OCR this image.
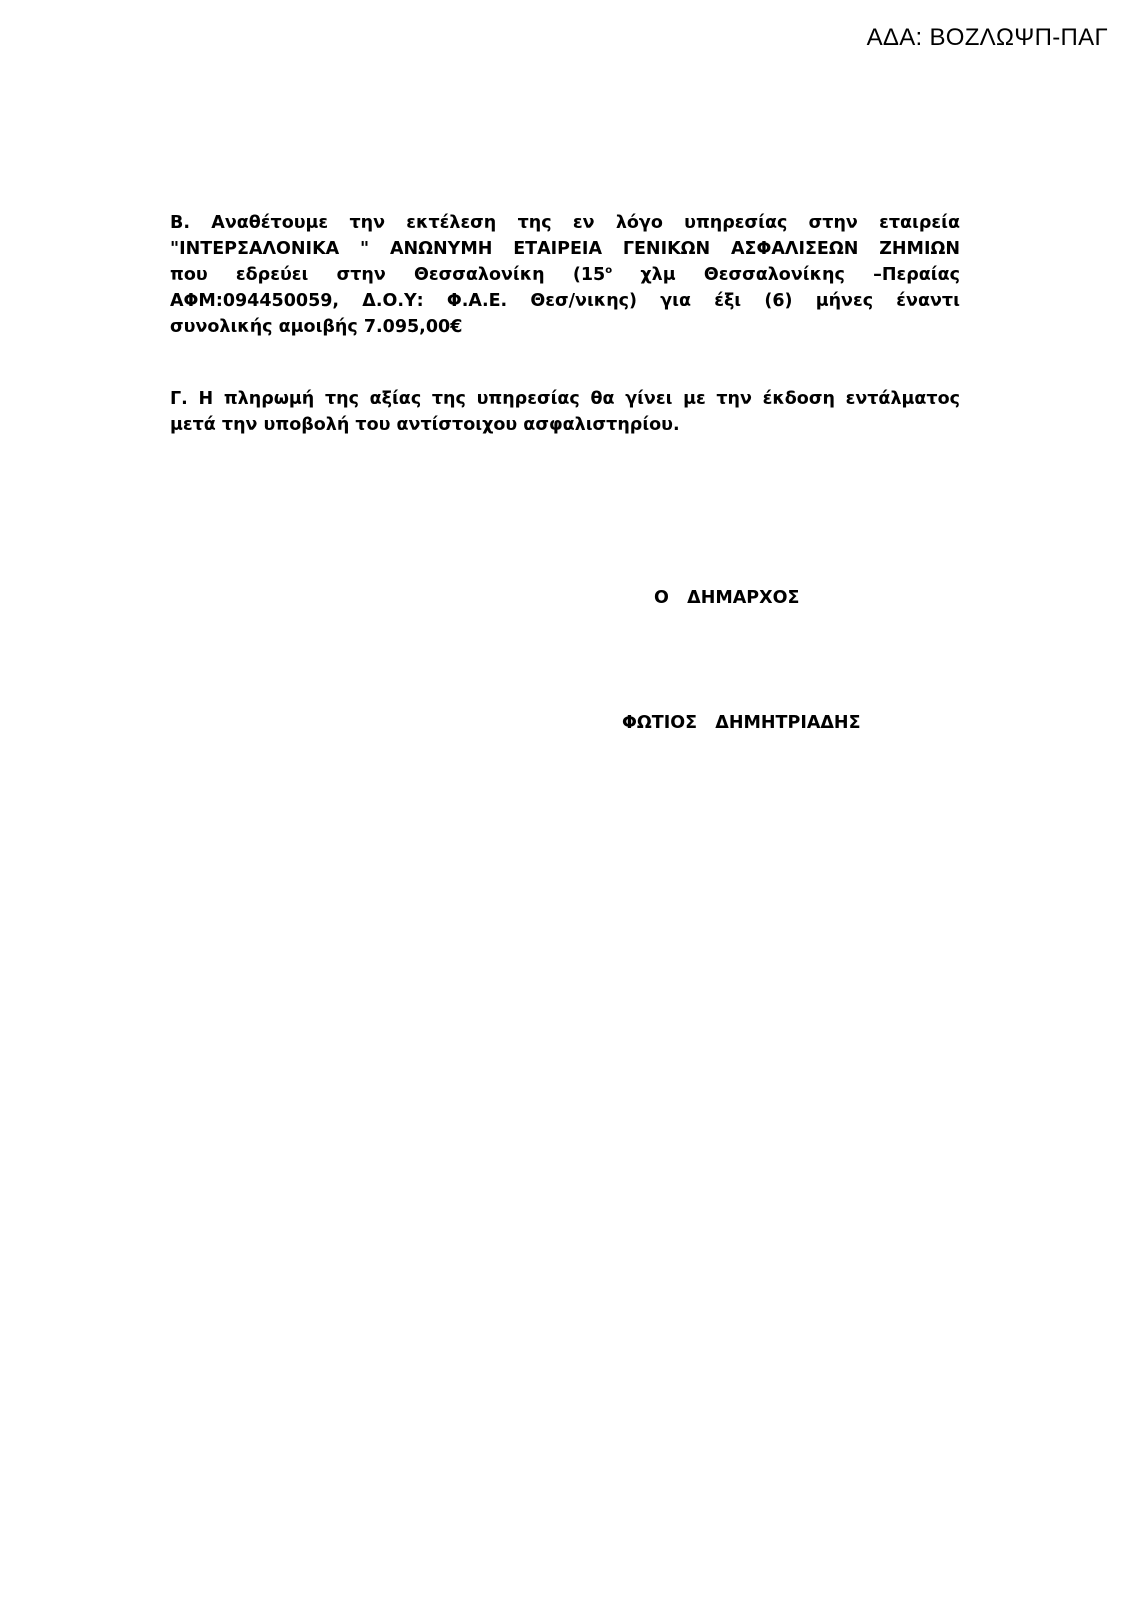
ΑΔΑ: ΒΟΖΛΩΨΠ-ΠΑΓ
Β. Αναθέτουμε την εκτέλεση της εν λόγο υπηρεσίας στην εταιρεία
"ΙΝΤΕΡΣΑΛΟΝΙΚΑ " ΑΝΩΝΥΜΗ ΕΤΑΙΡΕΙΑ ΓΕΝΙΚΩΝ ΑΣΦΑΛΙΣΕΩΝ ΖΗΜΙΩΝ
που εδρεύει στην Θεσσαλονίκη ($15^o$ χλμ Θεσσαλονίκης –Περαίας
ΑΦΜ:094450059, Δ.Ο.Υ: Φ.Α.Ε. Θεσ/νικης) για έξι (6) μήνες έναντι
συνολικής αμοιβής 7.095,00€
Γ. Η πληρωμή της αξίας της υπηρεσίας θα γίνει με την έκδοση εντάλματος
μετά την υποβολή του αντίστοιχου ασφαλιστηρίου.
Ο   ΔΗΜΑΡΧΟΣ
ΦΩΤΙΟΣ   ΔΗΜΗΤΡΙΑΔΗΣ
